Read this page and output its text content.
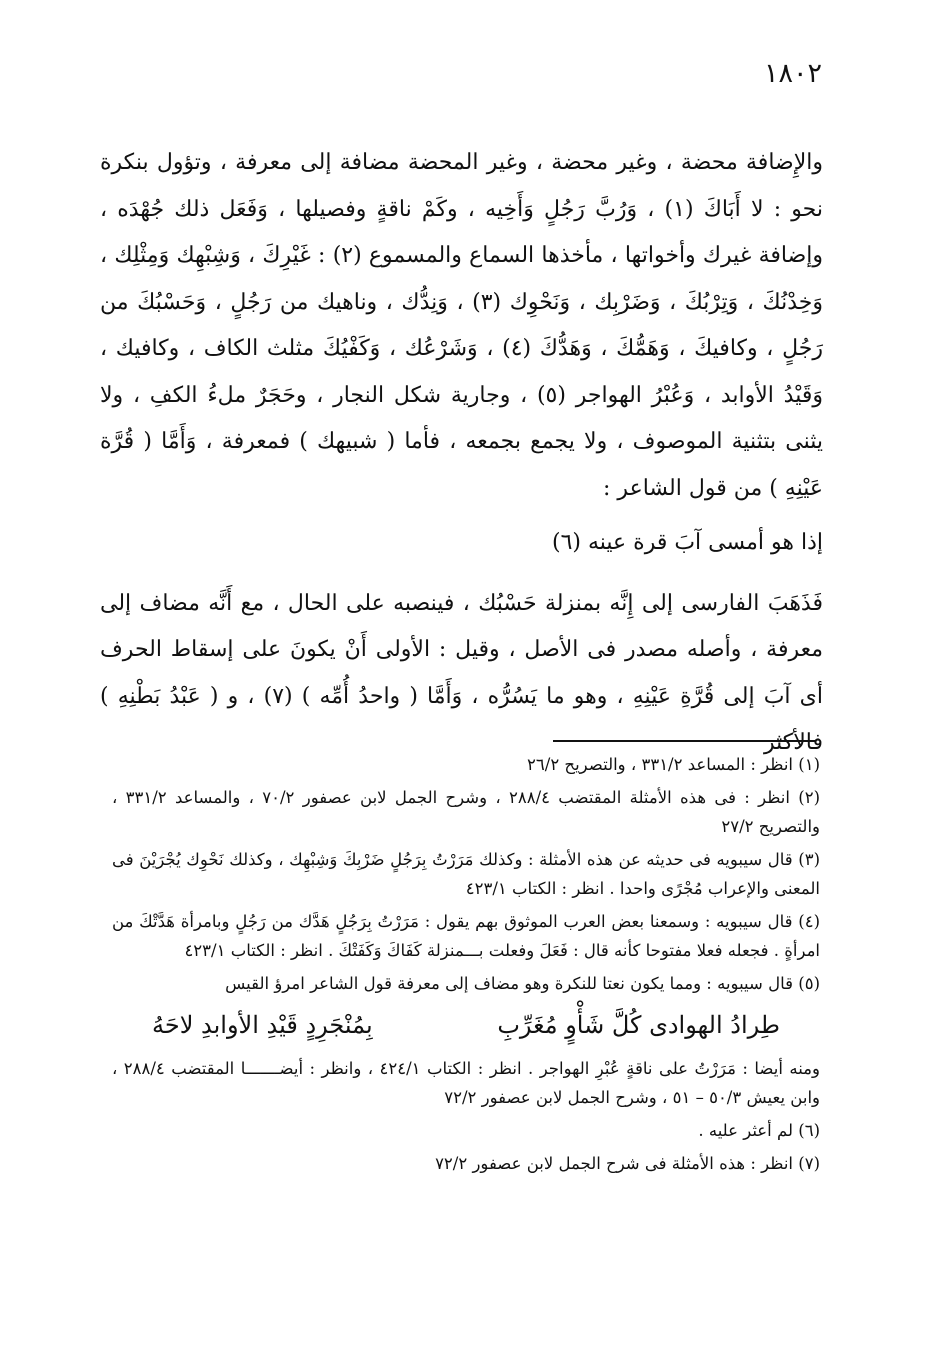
١٨٠٢

والإِضافة محضة ، وغير محضة ، وغير المحضة مضافة إلى معرفة ، وتؤول بنكرة نحو : لا أَبَاكَ (١) ، وَرُبَّ رَجُلٍ وَأَخِيه ، وكَمْ ناقةٍ وفصيلها ، وَفَعَل ذلك جُهْدَه ، وإضافة غيرك وأخواتها ، مأخذها السماع والمسموع (٢) : غَيْرِكَ ، وَشِبْهِك وَمِثْلِك ، وَخِدْنُكَ ، وَتِرْبُكَ ، وَضَرْبِك ، وَنَحْوِك (٣) ، وَنِدُّك ، وناهيك من رَجُلٍ ، وَحَسْبُكَ من رَجُلٍ ، وكافيكَ ، وَهَمُّكَ ، وَهَدُّكَ (٤) ، وَشَرْعُك ، وَكَفْيُكَ مثلث الكاف ، وكافيك ، وَقَيْدُ الأوابد ، وَعُبْرُ الهواجر (٥) ، وجارية شكل النجار ، وحَجَرٌ ملءُ الكفِ ، ولا يثنى بتثنية الموصوف ، ولا يجمع بجمعه ، فأما ( شبيهك ) فمعرفة ، وَأَمَّا ( قُرَّة عَيْنِهِ ) من قول الشاعر :

إذا هو أمسى آبَ قرة عينه (٦)

فَذَهَبَ الفارسى إلى إِنَّه بمنزلة حَسْبُك ، فينصبه على الحال ، مع أَنَّه مضاف إلى معرفة ، وأصله مصدر فى الأصل ، وقيل : الأولى أَنْ يكونَ على إسقاط الحرف أى آبَ إلى قُرَّةِ عَيْنِهِ ، وهو ما يَسُرُّه ، وَأَمَّا ( واحدُ أُمِّه ) (٧) ، و ( عَبْدُ بَطْنِهِ ) فالأكثر

(١) انظر : المساعد ٣٣١/٢ ، والتصريح ٢٦/٢

(٢) انظر : فى هذه الأمثلة المقتضب ٢٨٨/٤ ، وشرح الجمل لابن عصفور ٧٠/٢ ، والمساعد ٣٣١/٢ ، والتصريح ٢٧/٢

(٣) قال سيبويه فى حديثه عن هذه الأمثلة : وكذلك مَرَرْتُ بِرَجُلٍ ضَرْبِكَ وَشِبْهِك ، وكذلك نَحْوِك يُجْرَيْنَ فى المعنى والإعراب مُجْرًى واحدا . انظر : الكتاب ٤٢٣/١

(٤) قال سيبويه : وسمعنا بعض العرب الموثوق بهم يقول : مَرَرْتُ بِرَجُلٍ هَدَّك من رَجُلٍ وبامرأة هَدَّتْكَ من امرأةٍ . فجعله فعلا مفتوحا كأنه قال : فَعَلَ وفعلت بـــمنزلة كَفَاكَ وَكَفَتْكَ . انظر : الكتاب ٤٢٣/١

(٥) قال سيبويه : ومما يكون نعتا للنكرة وهو مضاف إلى معرفة قول الشاعر امرؤ القيس

طِرادُ الهوادى كُلَّ شَأْوٍ مُغَرِّبِ
بِمُنْجَرِدٍ قَيْدِ الأوابدِ لاحَهُ

ومنه أيضا : مَرَرْتُ على ناقةٍ عُبْرِ الهواجر . انظر : الكتاب ٤٢٤/١ ، وانظر : أيضـــــــا المقتضب ٢٨٨/٤ ، وابن يعيش ٥٠/٣ – ٥١ ، وشرح الجمل لابن عصفور ٧٢/٢

(٦) لم أعثر عليه .

(٧) انظر : هذه الأمثلة فى شرح الجمل لابن عصفور ٧٢/٢
